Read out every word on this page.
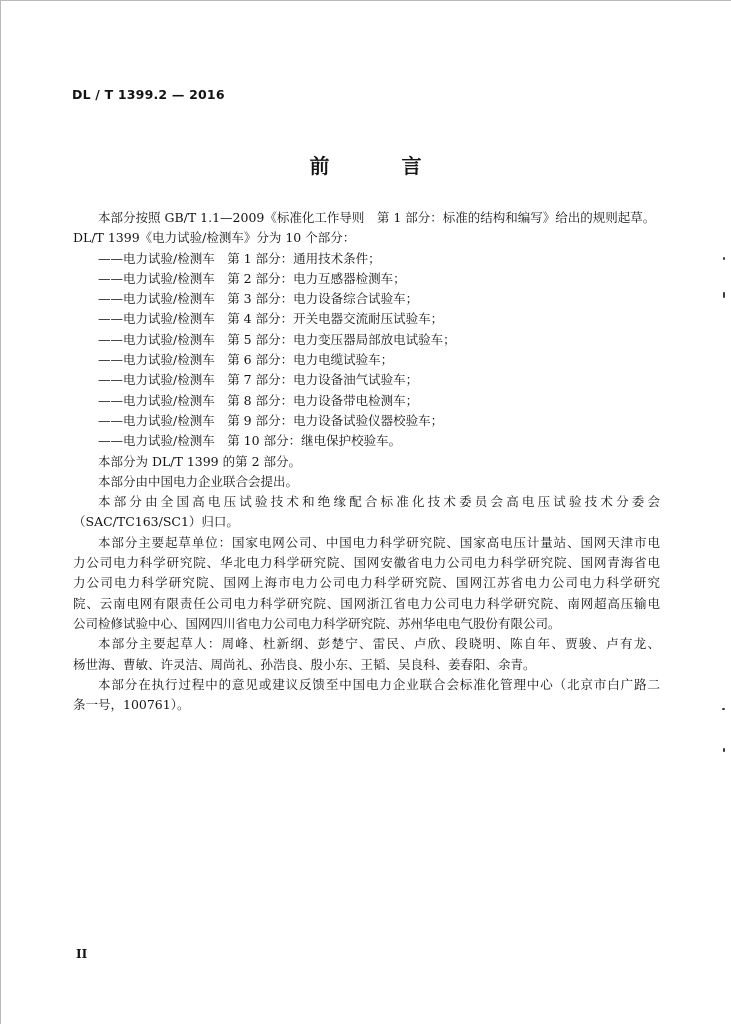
DL / T 1399.2 — 2016
前　言
本部分按照 GB/T 1.1—2009《标准化工作导则　第 1 部分：标准的结构和编写》给出的规则起草。
DL/T 1399《电力试验/检测车》分为 10 个部分：
——电力试验/检测车　第 1 部分：通用技术条件；
——电力试验/检测车　第 2 部分：电力互感器检测车；
——电力试验/检测车　第 3 部分：电力设备综合试验车；
——电力试验/检测车　第 4 部分：开关电器交流耐压试验车；
——电力试验/检测车　第 5 部分：电力变压器局部放电试验车；
——电力试验/检测车　第 6 部分：电力电缆试验车；
——电力试验/检测车　第 7 部分：电力设备油气试验车；
——电力试验/检测车　第 8 部分：电力设备带电检测车；
——电力试验/检测车　第 9 部分：电力设备试验仪器校验车；
——电力试验/检测车　第 10 部分：继电保护校验车。
本部分为 DL/T 1399 的第 2 部分。
本部分由中国电力企业联合会提出。
本部分由全国高电压试验技术和绝缘配合标准化技术委员会高电压试验技术分委会
（SAC/TC163/SC1）归口。
本部分主要起草单位：国家电网公司、中国电力科学研究院、国家高电压计量站、国网天津市电
力公司电力科学研究院、华北电力科学研究院、国网安徽省电力公司电力科学研究院、国网青海省电
力公司电力科学研究院、国网上海市电力公司电力科学研究院、国网江苏省电力公司电力科学研究
院、云南电网有限责任公司电力科学研究院、国网浙江省电力公司电力科学研究院、南网超高压输电
公司检修试验中心、国网四川省电力公司电力科学研究院、苏州华电电气股份有限公司。
本部分主要起草人：周峰、杜新纲、彭楚宁、雷民、卢欣、段晓明、陈自年、贾骏、卢有龙、
杨世海、曹敏、许灵洁、周尚礼、孙浩良、殷小东、王韬、吴良科、姜春阳、余青。
本部分在执行过程中的意见或建议反馈至中国电力企业联合会标准化管理中心（北京市白广路二
条一号，100761）。
II
